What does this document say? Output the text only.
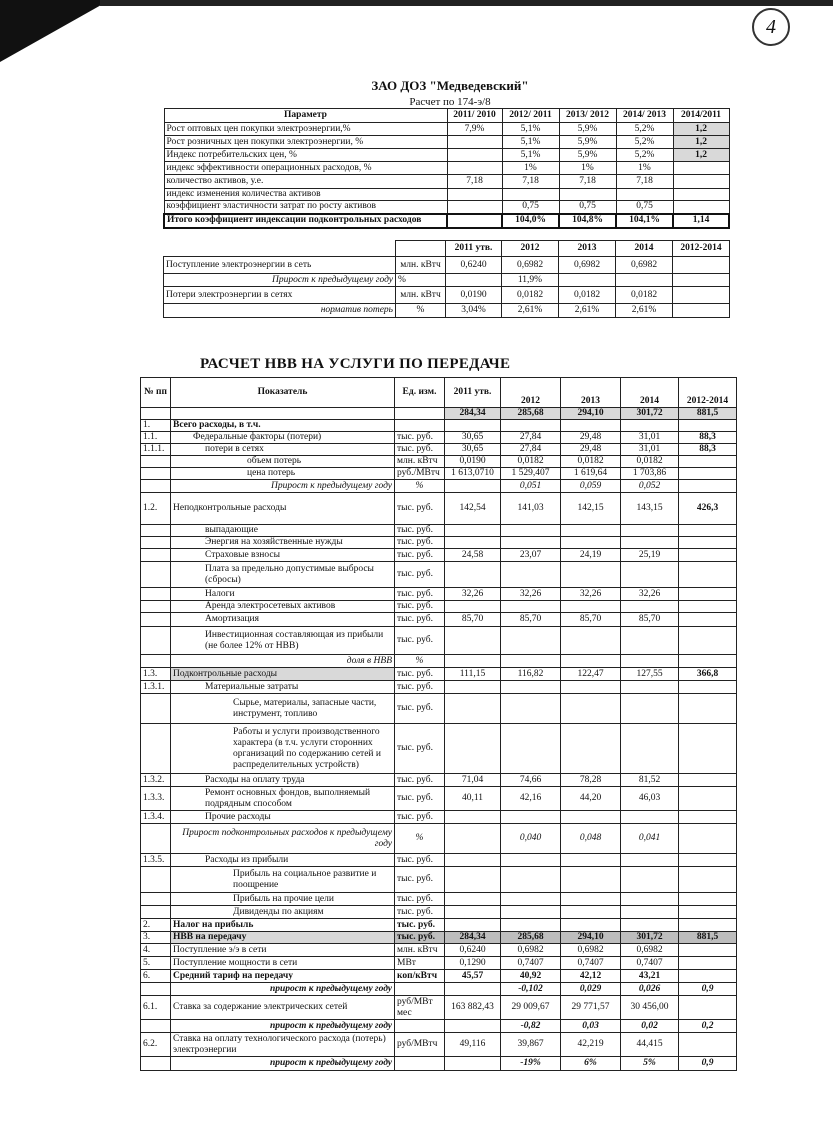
4
ЗАО ДОЗ "Медведевский"
Расчет по 174-э/8
Параметр	2011/ 2010	2012/ 2011	2013/ 2012	2014/ 2013	2014/2011
Рост оптовых цен покупки электроэнергии,%	7,9%	5,1%	5,9%	5,2%	1,2
Рост розничных цен покупки электроэнергии, %		5,1%	5,9%	5,2%	1,2
Индекс потребительских цен, %		5,1%	5,9%	5,2%	1,2
индекс эффективности операционных расходов, %		1%	1%	1%	
количество активов, у.е.	7,18	7,18	7,18	7,18	
индекс изменения количества активов					
коэффициент эластичности затрат по росту активов		0,75	0,75	0,75	
Итого коэффициент индексации подконтрольных расходов		104,0%	104,8%	104,1%	1,14
		2011 утв.	2012	2013	2014	2012-2014
Поступление электроэнергии в сеть	млн. кВтч	0,6240	0,6982	0,6982	0,6982	
Прирост к предыдущему году	%		11,9%			
Потери электроэнергии в сетях	млн. кВтч	0,0190	0,0182	0,0182	0,0182	
норматив потерь	%	3,04%	2,61%	2,61%	2,61%	
РАСЧЕТ НВВ НА УСЛУГИ ПО ПЕРЕДАЧЕ
№ пп	Показатель	Ед. изм.	2011 утв.	2012	2013	2014	2012-2014
			284,34	285,68	294,10	301,72	881,5
1.	Всего расходы, в т.ч.						
1.1.	Федеральные факторы (потери)	тыс. руб.	30,65	27,84	29,48	31,01	88,3
1.1.1.	потери в сетях	тыс. руб.	30,65	27,84	29,48	31,01	88,3
	объем потерь	млн. кВтч	0,0190	0,0182	0,0182	0,0182	
	цена потерь	руб./МВтч	1 613,0710	1 529,407	1 619,64	1 703,86	
	Прирост к предыдущему году	%		0,051	0,059	0,052	
1.2.	Неподконтрольные расходы	тыс. руб.	142,54	141,03	142,15	143,15	426,3
	выпадающие	тыс. руб.					
	Энергия на хозяйственные нужды	тыс. руб.					
	Страховые взносы	тыс. руб.	24,58	23,07	24,19	25,19	
	Плата за предельно допустимые выбросы (сбросы)	тыс. руб.					
	Налоги	тыс. руб.	32,26	32,26	32,26	32,26	
	Аренда электросетевых активов	тыс. руб.					
	Амортизация	тыс. руб.	85,70	85,70	85,70	85,70	
	Инвестиционная составляющая из прибыли (не более 12% от НВВ)	тыс. руб.					
	доля в НВВ	%					
1.3.	Подконтрольные расходы	тыс. руб.	111,15	116,82	122,47	127,55	366,8
1.3.1.	Материальные затраты	тыс. руб.					
	Сырье, материалы, запасные части, инструмент, топливо	тыс. руб.					
	Работы и услуги производственного характера (в т.ч. услуги сторонних организаций по содержанию сетей и распределительных устройств)	тыс. руб.					
1.3.2.	Расходы на оплату труда	тыс. руб.	71,04	74,66	78,28	81,52	
1.3.3.	Ремонт основных фондов, выполняемый подрядным способом	тыс. руб.	40,11	42,16	44,20	46,03	
1.3.4.	Прочие расходы	тыс. руб.					
	Прирост подконтрольных расходов к предыдущему году	%		0,040	0,048	0,041	
1.3.5.	Расходы из прибыли	тыс. руб.					
	Прибыль на социальное развитие и поощрение	тыс. руб.					
	Прибыль на прочие цели	тыс. руб.					
	Дивиденды по акциям	тыс. руб.					
2.	Налог на прибыль	тыс. руб.					
3.	НВВ на передачу	тыс. руб.	284,34	285,68	294,10	301,72	881,5
4.	Поступление э/э в сети	млн. кВтч	0,6240	0,6982	0,6982	0,6982	
5.	Поступление мощности в сети	МВт	0,1290	0,7407	0,7407	0,7407	
6.	Средний тариф на передачу	коп/кВтч	45,57	40,92	42,12	43,21	
	прирост к предыдущему году			-0,102	0,029	0,026	0,9
6.1.	Ставка за содержание электрических сетей	руб/МВт мес	163 882,43	29 009,67	29 771,57	30 456,00	
	прирост к предыдущему году			-0,82	0,03	0,02	0,2
6.2.	Ставка на оплату технологического расхода (потерь) электроэнергии	руб/МВтч	49,116	39,867	42,219	44,415	
	прирост к предыдущему году			-19%	6%	5%	0,9
